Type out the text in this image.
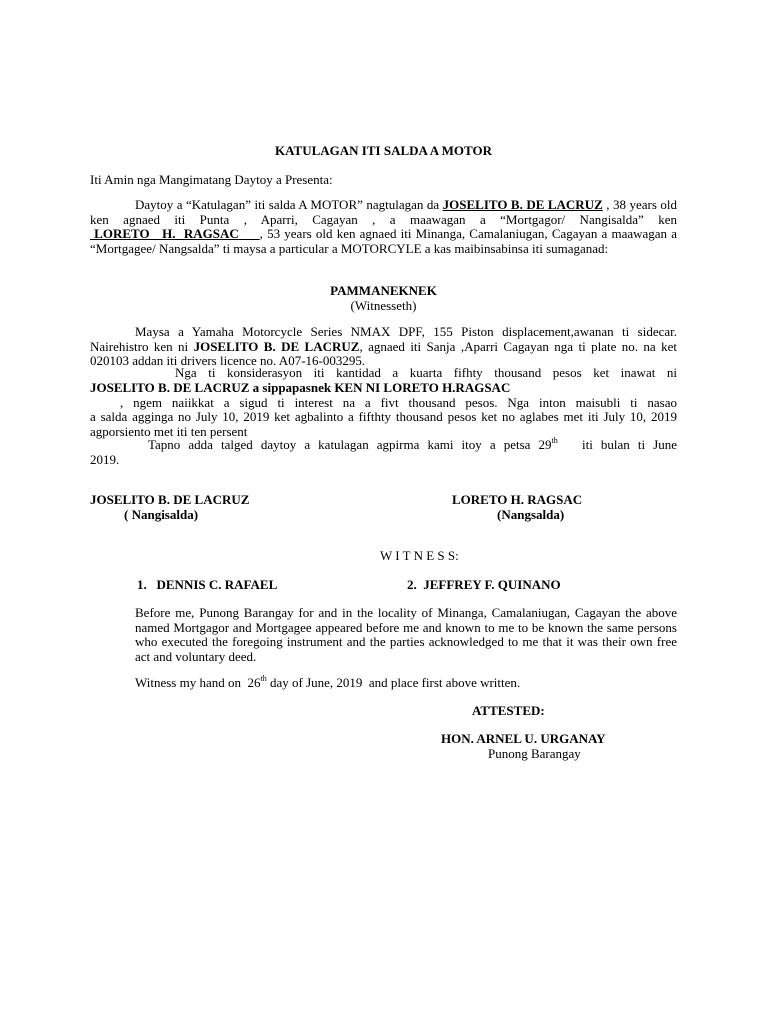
KATULAGAN ITI SALDA A MOTOR
Iti Amin nga Mangimatang Daytoy a Presenta:
Daytoy a “Katulagan” iti salda A MOTOR” nagtulagan da JOSELITO B. DE LACRUZ , 38 years old ken agnaed iti Punta , Aparri, Cagayan , a maawagan a “Mortgagor/ Nangisalda” ken  LORETO   H.  RAGSAC     , 53 years old ken agnaed iti Minanga, Camalaniugan, Cagayan a maawagan a “Mortgagee/ Nangsalda” ti maysa a particular a MOTORCYLE a kas maibinsabinsa iti sumaganad:
PAMMANEKNEK
(Witnesseth)
Maysa a Yamaha Motorcycle Series NMAX DPF, 155 Piston displacement,awanan ti sidecar. Nairehistro ken ni JOSELITO B. DE LACRUZ, agnaed iti Sanja ,Aparri Cagayan nga ti plate no. na ket 020103 addan iti drivers licence no. A07-16-003295.
Nga ti konsiderasyon iti kantidad a kuarta fifhty thousand pesos ket inawat ni
JOSELITO B. DE LACRUZ a sippapasnek KEN NI LORETO H.RAGSAC
, ngem naiikkat a sigud ti interest na a fivt thousand pesos. Nga inton maisubli ti nasao
a salda agginga no July 10, 2019 ket agbalinto a fifthty thousand pesos ket no aglabes met iti July 10, 2019 agporsiento met iti ten persent
Tapno adda talged daytoy a katulagan agpirma kami itoy a petsa 29th   iti bulan ti June
2019.
JOSELITO B. DE LACRUZ
( Nangisalda)
LORETO H. RAGSAC
(Nangsalda)
W I T N E S S:
1.   DENNIS C. RAFAEL	2.  JEFFREY F. QUINANO
Before me, Punong Barangay for and in the locality of Minanga, Camalaniugan, Cagayan the above named Mortgagor and Mortgagee appeared before me and known to me to be known the same persons who executed the foregoing instrument and the parties acknowledged to me that it was their own free act and voluntary deed.
Witness my hand on  26th day of June, 2019  and place first above written.
ATTESTED:
HON. ARNEL U. URGANAY
Punong Barangay
